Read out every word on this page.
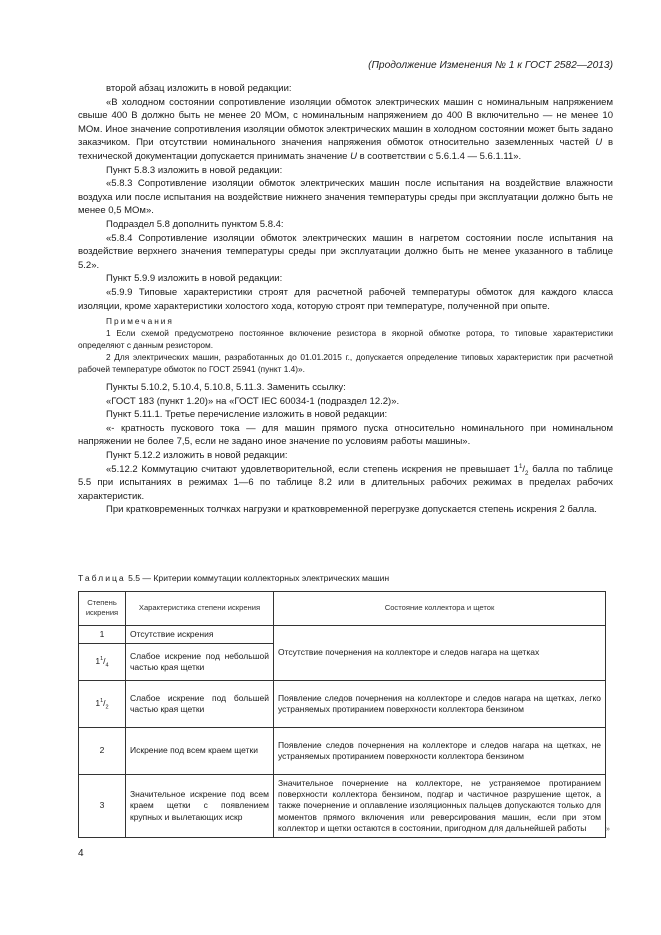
(Продолжение Изменения № 1 к ГОСТ 2582—2013)

второй абзац изложить в новой редакции:

«В холодном состоянии сопротивление изоляции обмоток электрических машин с номинальным напряжением свыше 400 В должно быть не менее 20 МОм, с номинальным напряжением до 400 В включительно — не менее 10 МОм. Иное значение сопротивления изоляции обмоток электрических машин в холодном состоянии может быть задано заказчиком. При отсутствии номинального значения напряжения обмоток относительно заземленных частей U в технической документации допускается принимать значение U в соответствии с 5.6.1.4 — 5.6.1.11».

Пункт 5.8.3 изложить в новой редакции:

«5.8.3 Сопротивление изоляции обмоток электрических машин после испытания на воздействие влажности воздуха или после испытания на воздействие нижнего значения температуры среды при эксплуатации должно быть не менее 0,5 МОм».

Подраздел 5.8 дополнить пунктом 5.8.4:

«5.8.4 Сопротивление изоляции обмоток электрических машин в нагретом состоянии после испытания на воздействие верхнего значения температуры среды при эксплуатации должно быть не менее указанного в таблице 5.2».

Пункт 5.9.9 изложить в новой редакции:

«5.9.9 Типовые характеристики строят для расчетной рабочей температуры обмоток для каждого класса изоляции, кроме характеристики холостого хода, которую строят при температуре, полученной при опыте.

Примечания

1 Если схемой предусмотрено постоянное включение резистора в якорной обмотке ротора, то типовые характеристики определяют с данным резистором.

2 Для электрических машин, разработанных до 01.01.2015 г., допускается определение типовых характеристик при расчетной рабочей температуре обмоток по ГОСТ 25941 (пункт 1.4)».

Пункты 5.10.2, 5.10.4, 5.10.8, 5.11.3. Заменить ссылку:

«ГОСТ 183 (пункт 1.20)» на «ГОСТ IEC 60034-1 (подраздел 12.2)».

Пункт 5.11.1. Третье перечисление изложить в новой редакции:

«- кратность пускового тока — для машин прямого пуска относительно номинального при номинальном напряжении не более 7,5, если не задано иное значение по условиям работы машины».

Пункт 5.12.2 изложить в новой редакции:

«5.12.2 Коммутацию считают удовлетворительной, если степень искрения не превышает $1^1/_2$ балла по таблице 5.5 при испытаниях в режимах 1—6 по таблице 8.2 или в длительных рабочих режимах в пределах рабочих характеристик.

При кратковременных толчках нагрузки и кратковременной перегрузке допускается степень искрения 2 балла.

Таблица 5.5 — Критерии коммутации коллекторных электрических машин
Степень искрения	Характеристика степени искрения	Состояние коллектора и щеток
1	Отсутствие искрения	Отсутствие почернения на коллекторе и следов нагара на щетках
$1^1/_4$	Слабое искрение под небольшой частью края щетки	
$1^1/_2$	Слабое искрение под большей частью края щетки	Появление следов почернения на коллекторе и следов нагара на щетках, легко устраняемых протиранием поверхности коллектора бензином
2	Искрение под всем краем щетки	Появление следов почернения на коллекторе и следов нагара на щетках, не устраняемых протиранием поверхности коллектора бензином
3	Значительное искрение под всем краем щетки с появлением крупных и вылетающих искр	Значительное почернение на коллекторе, не устраняемое протиранием поверхности коллектора бензином, подгар и частичное разрушение щеток, а также почернение и оплавление изоляционных пальцев допускаются только для моментов прямого включения или реверсирования машин, если при этом коллектор и щетки остаются в состоянии, пригодном для дальнейшей работы	»
4
